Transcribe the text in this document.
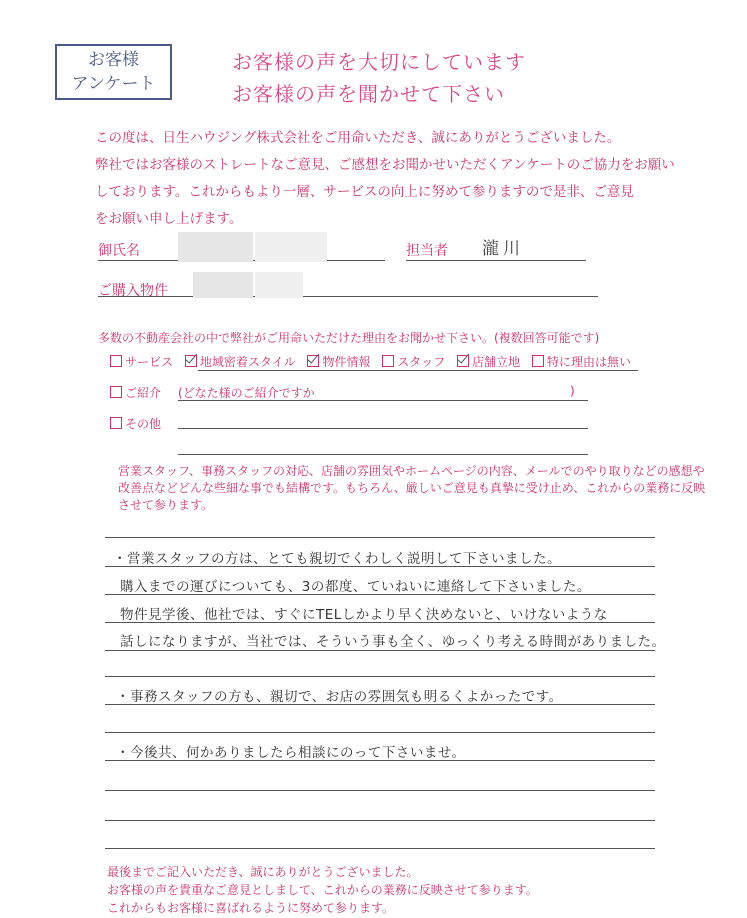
お客様
アンケート
お客様の声を大切にしています
お客様の声を聞かせて下さい
この度は、日生ハウジング株式会社をご用命いただき、誠にありがとうございました。
弊社ではお客様のストレートなご意見、ご感想をお聞かせいただくアンケートのご協力をお願い
しております。これからもより一層、サービスの向上に努めて参りますので是非、ご意見
をお願い申し上げます。
御氏名	担当者 瀧川
ご購入物件
多数の不動産会社の中で弊社がご用命いただけた理由をお聞かせ下さい。(複数回答可能です)
サービス 地域密着スタイル 物件情報 スタッフ 店舗立地 特に理由は無い
ご紹介 (どなた様のご紹介ですか	)
その他
営業スタッフ、事務スタッフの対応、店舗の雰囲気やホームページの内容、メールでのやり取りなどの感想や
改善点などどんな些細な事でも結構です。もちろん、厳しいご意見も真摯に受け止め、これからの業務に反映
させて参ります。
・営業スタッフの方は、とても親切でくわしく説明して下さいました。
購入までの運びについても、3の都度、ていねいに連絡して下さいました。
物件見学後、他社では、すぐにTELしかより早く決めないと、いけないような
話しになりますが、当社では、そういう事も全く、ゆっくり考える時間がありました。
・事務スタッフの方も、親切で、お店の雰囲気も明るくよかったです。
・今後共、何かありましたら相談にのって下さいませ。
最後までご記入いただき、誠にありがとうございました。
お客様の声を貴重なご意見としまして、これからの業務に反映させて参ります。
これからもお客様に喜ばれるように努めて参ります。
